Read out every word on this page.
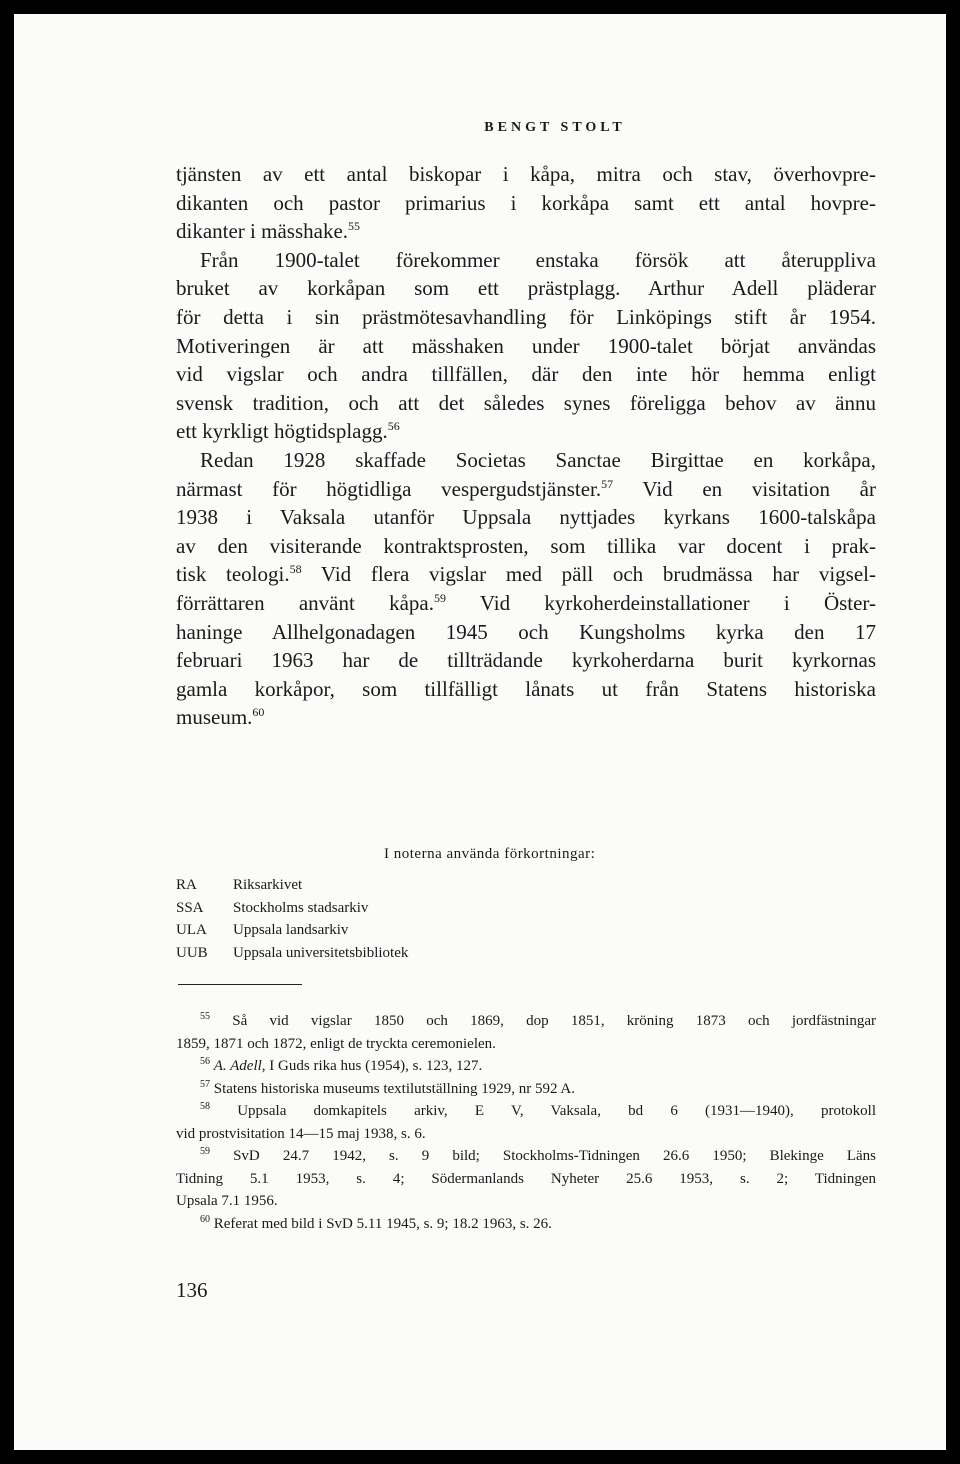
BENGT STOLT
tjänsten av ett antal biskopar i kåpa, mitra och stav, överhovpre-
dikanten och pastor primarius i korkåpa samt ett antal hovpre-
dikanter i mässhake.$^{55}$
Från 1900-talet förekommer enstaka försök att återuppliva
bruket av korkåpan som ett prästplagg. Arthur Adell pläderar
för detta i sin prästmötesavhandling för Linköpings stift år 1954.
Motiveringen är att mässhaken under 1900-talet börjat användas
vid vigslar och andra tillfällen, där den inte hör hemma enligt
svensk tradition, och att det således synes föreligga behov av ännu
ett kyrkligt högtidsplagg.$^{56}$
Redan 1928 skaffade Societas Sanctae Birgittae en korkåpa,
närmast för högtidliga vespergudstjänster.$^{57}$ Vid en visitation år
1938 i Vaksala utanför Uppsala nyttjades kyrkans 1600-talskåpa
av den visiterande kontraktsprosten, som tillika var docent i prak-
tisk teologi.$^{58}$ Vid flera vigslar med päll och brudmässa har vigsel-
förrättaren använt kåpa.$^{59}$ Vid kyrkoherdeinstallationer i Öster-
haninge Allhelgonadagen 1945 och Kungsholms kyrka den 17
februari 1963 har de tillträdande kyrkoherdarna burit kyrkornas
gamla korkåpor, som tillfälligt lånats ut från Statens historiska
museum.$^{60}$
I noterna använda förkortningar:
RA	Riksarkivet
SSA	Stockholms stadsarkiv
ULA	Uppsala landsarkiv
UUB	Uppsala universitetsbibliotek
$^{55}$ Så vid vigslar 1850 och 1869, dop 1851, kröning 1873 och jordfästningar
1859, 1871 och 1872, enligt de tryckta ceremonielen.
$^{56}$ A. Adell, I Guds rika hus (1954), s. 123, 127.
$^{57}$ Statens historiska museums textilutställning 1929, nr 592 A.
$^{58}$ Uppsala domkapitels arkiv, E V, Vaksala, bd 6 (1931—1940), protokoll
vid prostvisitation 14—15 maj 1938, s. 6.
$^{59}$ SvD 24.7 1942, s. 9 bild; Stockholms-Tidningen 26.6 1950; Blekinge Läns
Tidning 5.1 1953, s. 4; Södermanlands Nyheter 25.6 1953, s. 2; Tidningen
Upsala 7.1 1956.
$^{60}$ Referat med bild i SvD 5.11 1945, s. 9; 18.2 1963, s. 26.
136
